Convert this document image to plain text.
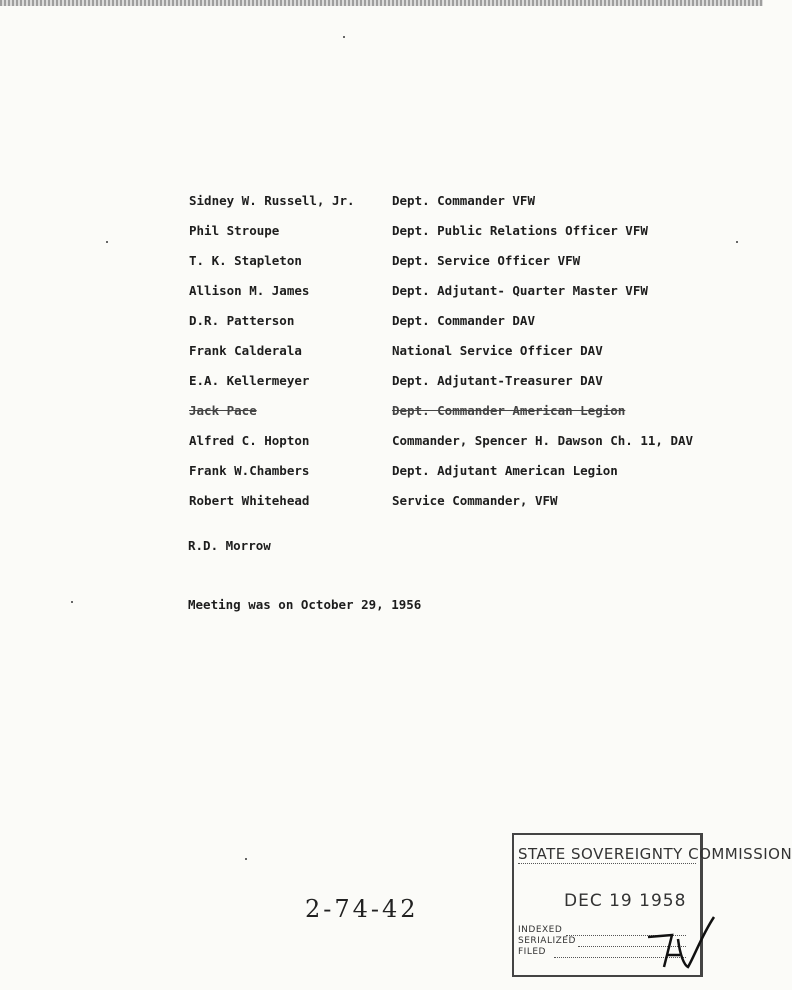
Sidney W. Russell, Jr.	Dept. Commander VFW
Phil Stroupe	Dept. Public Relations Officer VFW
T. K. Stapleton	Dept. Service Officer VFW
Allison M. James	Dept. Adjutant- Quarter Master VFW
D.R. Patterson	Dept. Commander DAV
Frank Calderala	National Service Officer DAV
E.A. Kellermeyer	Dept. Adjutant-Treasurer DAV
Jack Pace	Dept. Commander American Legion
Alfred C. Hopton	Commander, Spencer H. Dawson Ch. 11, DAV
Frank W.Chambers	Dept. Adjutant American Legion
Robert Whitehead	Service Commander, VFW
R.D. Morrow
Meeting was on October 29, 1956
2-74-42
STATE SOVEREIGNTY COMMISSION
DEC 19 1958
INDEXED
SERIALIZED
FILED
